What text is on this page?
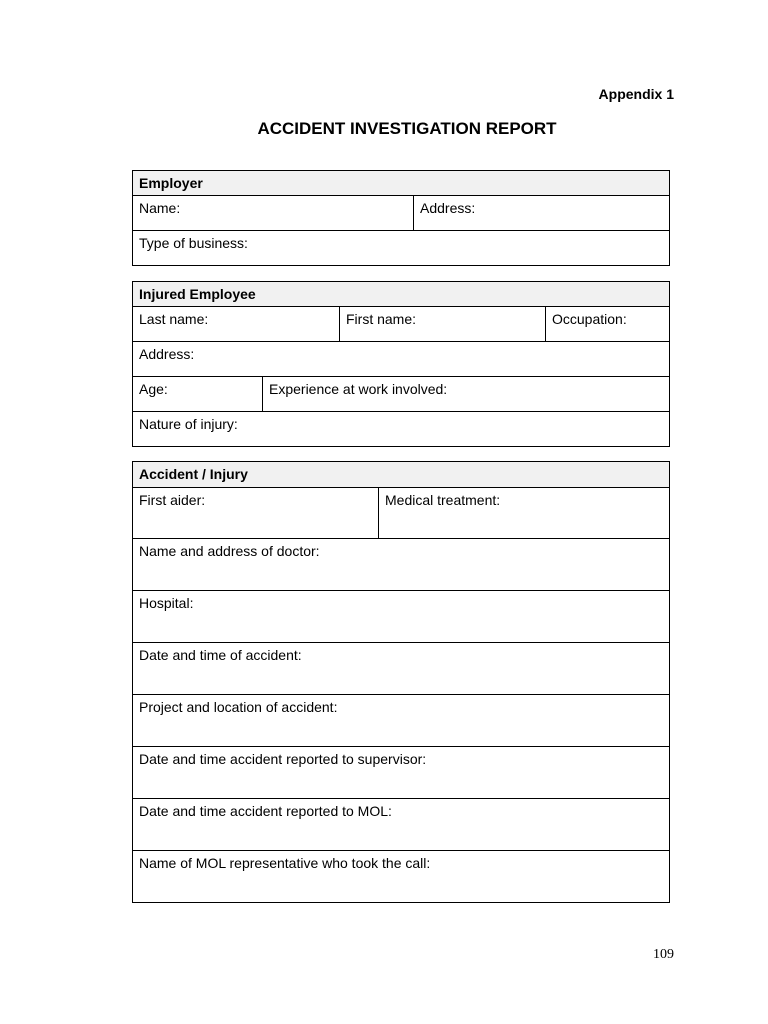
Appendix 1
ACCIDENT INVESTIGATION REPORT
Employer
Name:	Address:
Type of business:
Injured Employee
Last name:	First name:	Occupation:
Address:
Age:	Experience at work involved:
Nature of injury:
Accident / Injury
First aider:	Medical treatment:
Name and address of doctor:
Hospital:
Date and time of accident:
Project and location of accident:
Date and time accident reported to supervisor:
Date and time accident reported to MOL:
Name of MOL representative who took the call:
109
